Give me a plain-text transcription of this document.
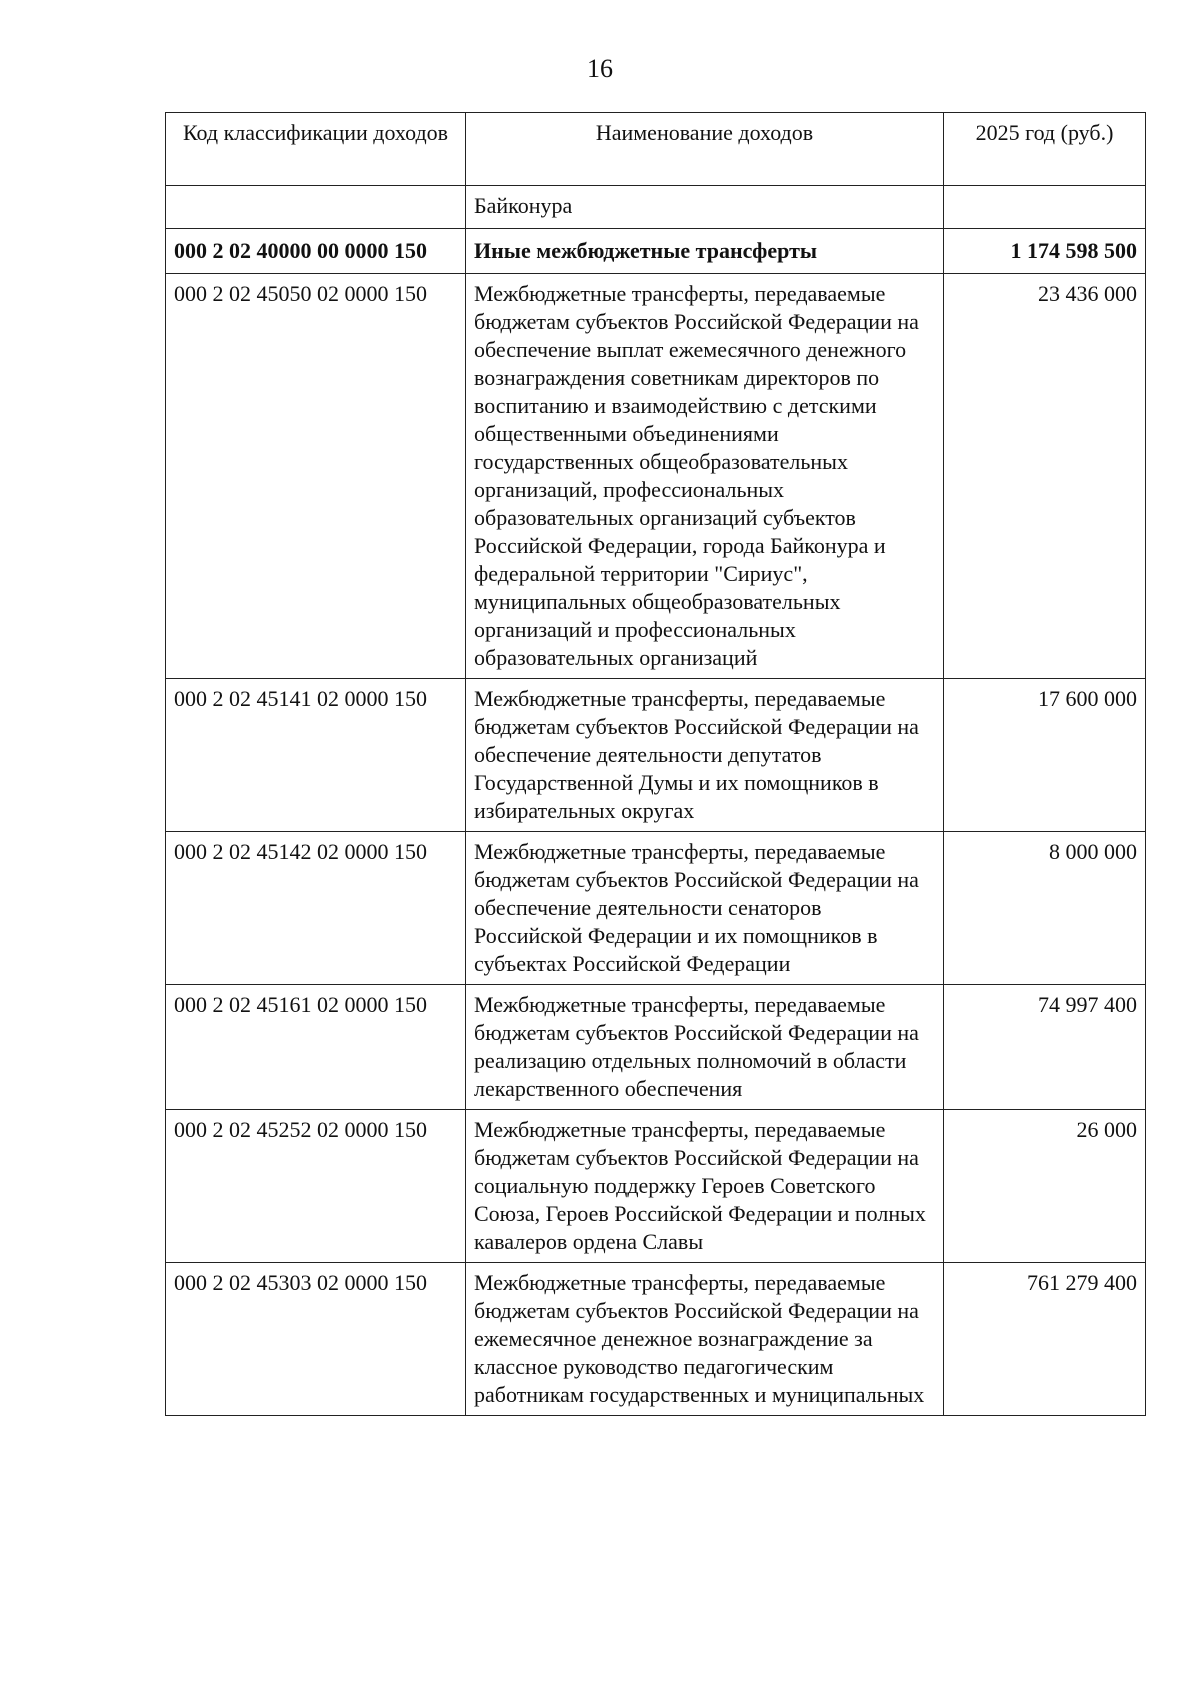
16
Код классификации доходов	Наименование доходов	2025 год (руб.)
	Байконура	
000 2 02 40000 00 0000 150	Иные межбюджетные трансферты	1 174 598 500
000 2 02 45050 02 0000 150	Межбюджетные трансферты, передаваемые бюджетам субъектов Российской Федерации на обеспечение выплат ежемесячного денежного вознаграждения советникам директоров по воспитанию и взаимодействию с детскими общественными объединениями государственных общеобразовательных организаций, профессиональных образовательных организаций субъектов Российской Федерации, города Байконура и федеральной территории "Сириус", муниципальных общеобразовательных организаций и профессиональных образовательных организаций	23 436 000
000 2 02 45141 02 0000 150	Межбюджетные трансферты, передаваемые бюджетам субъектов Российской Федерации на обеспечение деятельности депутатов Государственной Думы и их помощников в избирательных округах	17 600 000
000 2 02 45142 02 0000 150	Межбюджетные трансферты, передаваемые бюджетам субъектов Российской Федерации на обеспечение деятельности сенаторов Российской Федерации и их помощников в субъектах Российской Федерации	8 000 000
000 2 02 45161 02 0000 150	Межбюджетные трансферты, передаваемые бюджетам субъектов Российской Федерации на реализацию отдельных полномочий в области лекарственного обеспечения	74 997 400
000 2 02 45252 02 0000 150	Межбюджетные трансферты, передаваемые бюджетам субъектов Российской Федерации на социальную поддержку Героев Советского Союза, Героев Российской Федерации и полных кавалеров ордена Славы	26 000
000 2 02 45303 02 0000 150	Межбюджетные трансферты, передаваемые бюджетам субъектов Российской Федерации на ежемесячное денежное вознаграждение за классное руководство педагогическим работникам государственных и муниципальных	761 279 400
